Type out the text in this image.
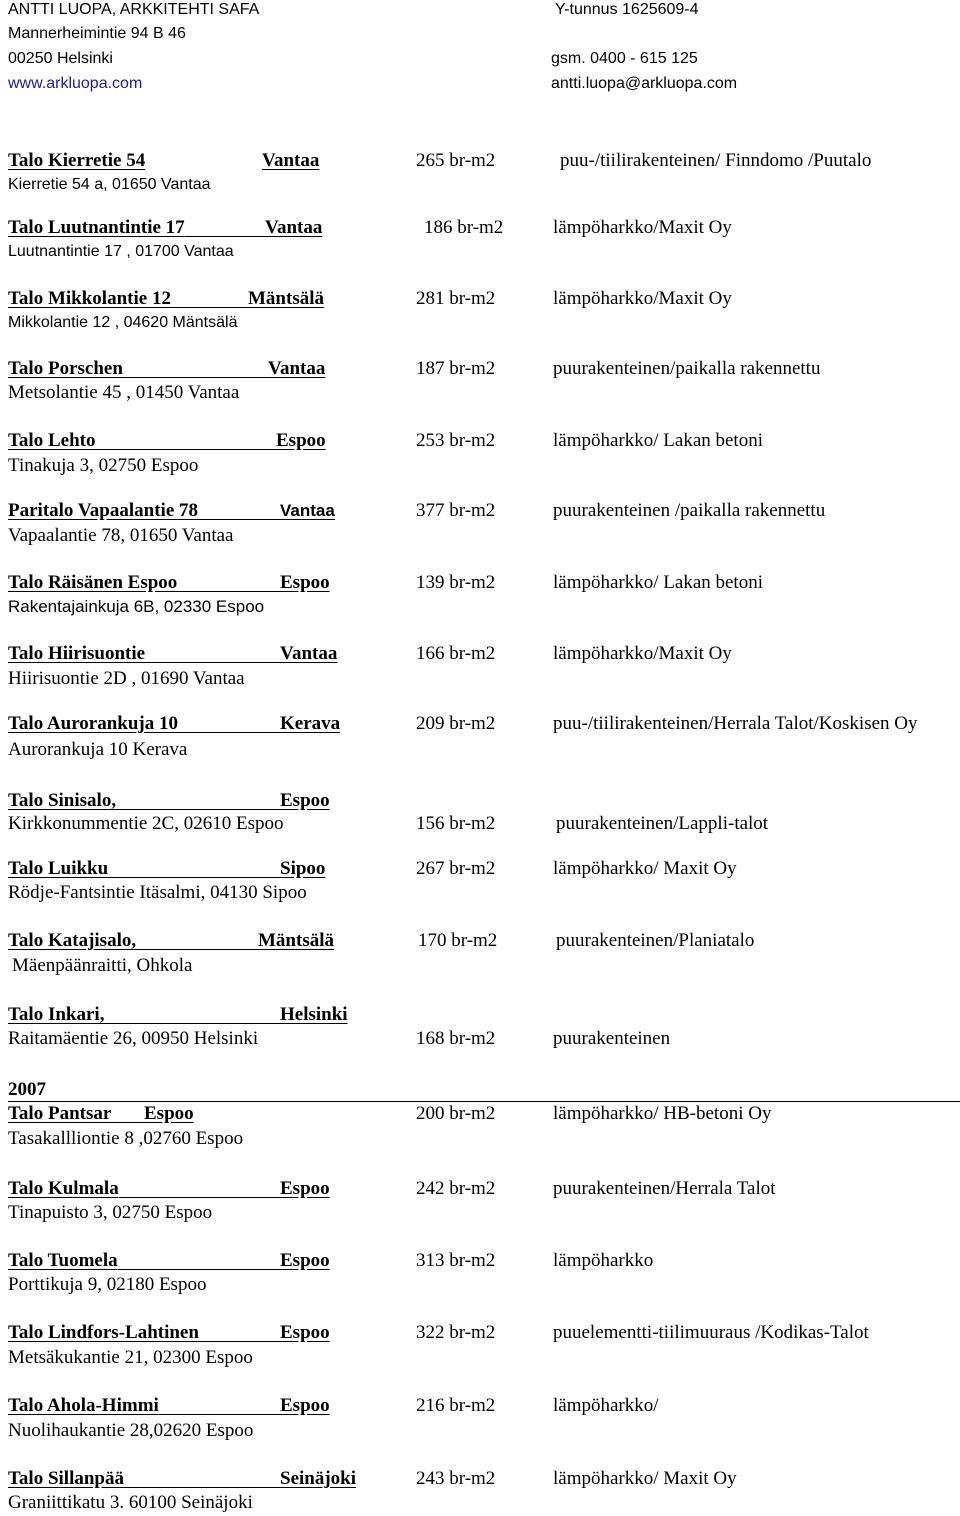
ANTTI LUOPA, ARKKITEHTI SAFA
Mannerheimintie 94 B 46
00250 Helsinki
www.arkluopa.com
Y-tunnus 1625609-4
gsm. 0400 - 615 125
antti.luopa@arkluopa.com
Talo Kierretie 54	Vantaa	265 br-m2	puu-/tiilirakenteinen/ Finndomo /Puutalo
Kierretie 54 a, 01650 Vantaa
Talo Luutnantintie 17	Vantaa	186 br-m2	lämpöharkko/Maxit Oy
Luutnantintie 17 , 01700 Vantaa
Talo Mikkolantie 12	Mäntsälä	281 br-m2	lämpöharkko/Maxit Oy
Mikkolantie 12 , 04620 Mäntsälä
Talo Porschen	Vantaa	187 br-m2	puurakenteinen/paikalla rakennettu
Metsolantie 45 , 01450 Vantaa
Talo Lehto	Espoo	253 br-m2	lämpöharkko/ Lakan betoni
Tinakuja 3, 02750 Espoo
Paritalo Vapaalantie 78	Vantaa	377 br-m2	puurakenteinen /paikalla rakennettu
Vapaalantie 78, 01650 Vantaa
Talo Räisänen Espoo	Espoo	139 br-m2	lämpöharkko/ Lakan betoni
Rakentajainkuja 6B, 02330 Espoo
Talo Hiirisuontie	Vantaa	166 br-m2	lämpöharkko/Maxit Oy
Hiirisuontie 2D , 01690 Vantaa
Talo Aurorankuja 10	Kerava	209 br-m2	puu-/tiilirakenteinen/Herrala Talot/Koskisen Oy
Aurorankuja 10 Kerava
Talo Sinisalo,	Espoo
Kirkkonummentie 2C, 02610 Espoo	156 br-m2	puurakenteinen/Lappli-talot
Talo Luikku	Sipoo	267 br-m2	lämpöharkko/ Maxit Oy
Rödje-Fantsintie Itäsalmi, 04130 Sipoo
Talo Katajisalo,	Mäntsälä	170 br-m2	puurakenteinen/Planiatalo
Mäenpäänraitti, Ohkola
Talo Inkari,	Helsinki
Raitamäentie 26, 00950 Helsinki	168 br-m2	puurakenteinen
2007
Talo Pantsar Espoo	200 br-m2	lämpöharkko/ HB-betoni Oy
Tasakallliontie 8 ,02760 Espoo
Talo Kulmala	Espoo	242 br-m2	puurakenteinen/Herrala Talot
Tinapuisto 3, 02750 Espoo
Talo Tuomela	Espoo	313 br-m2	lämpöharkko
Porttikuja 9, 02180 Espoo
Talo Lindfors-Lahtinen	Espoo	322 br-m2	puuelementti-tiilimuuraus /Kodikas-Talot
Metsäkukantie 21, 02300 Espoo
Talo Ahola-Himmi	Espoo	216 br-m2	lämpöharkko/
Nuolihaukantie 28,02620 Espoo
Talo Sillanpää	Seinäjoki	243 br-m2	lämpöharkko/ Maxit Oy
Graniittikatu 3. 60100 Seinäjoki
